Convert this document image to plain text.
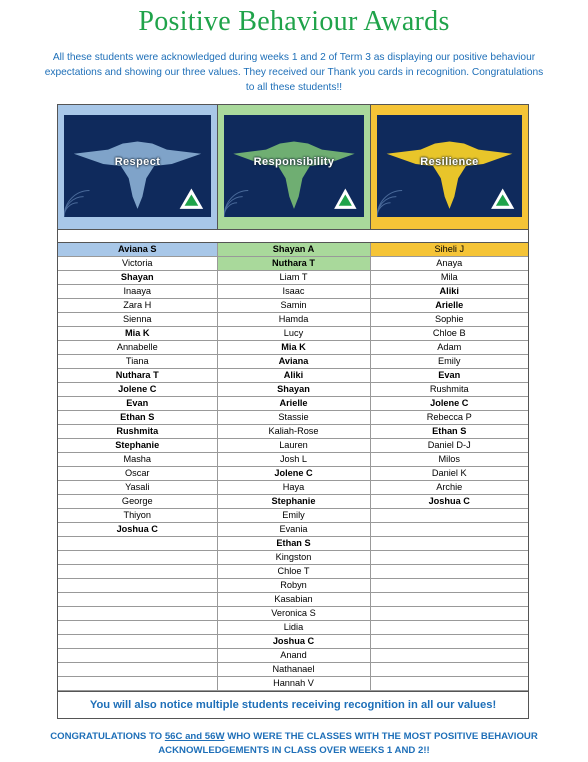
Positive Behaviour Awards
All these students were acknowledged during weeks 1 and 2 of Term 3 as displaying our positive behaviour expectations and showing our three values. They received our Thank you cards in recognition. Congratulations to all these students!!
Respect	Responsibility	Resilience
Aviana S	Shayan A	Siheli J
Victoria	Nuthara T	Anaya
Shayan	Liam T	Mila
Inaaya	Isaac	Aliki
Zara H	Samin	Arielle
Sienna	Hamda	Sophie
Mia K	Lucy	Chloe B
Annabelle	Mia K	Adam
Tiana	Aviana	Emily
Nuthara T	Aliki	Evan
Jolene C	Shayan	Rushmita
Evan	Arielle	Jolene C
Ethan S	Stassie	Rebecca P
Rushmita	Kaliah-Rose	Ethan S
Stephanie	Lauren	Daniel D-J
Masha	Josh L	Milos
Oscar	Jolene C	Daniel K
Yasali	Haya	Archie
George	Stephanie	Joshua C
Thiyon	Emily	
Joshua C	Evania	
	Ethan S	
	Kingston	
	Chloe T	
	Robyn	
	Kasabian	
	Veronica S	
	Lidia	
	Joshua C	
	Anand	
	Nathanael	
	Hannah V	
You will also notice multiple students receiving recognition in all our values!
CONGRATULATIONS TO 56C and 56W WHO WERE THE CLASSES WITH THE MOST POSITIVE BEHAVIOUR ACKNOWLEDGEMENTS IN CLASS OVER WEEKS 1 AND 2!!
